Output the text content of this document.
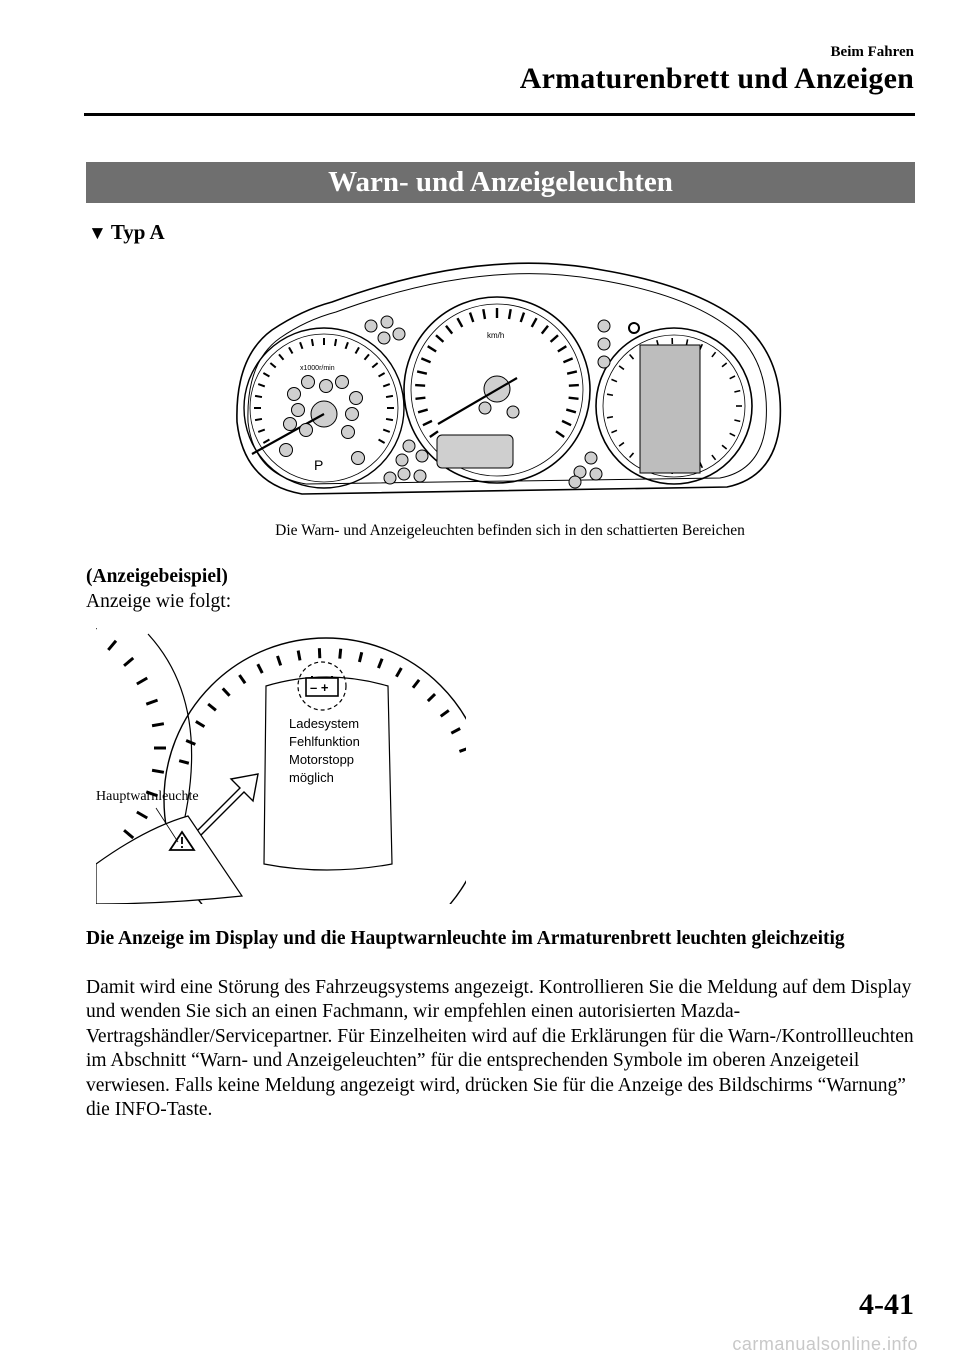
Beim Fahren
Armaturenbrett und Anzeigen
Warn- und Anzeigeleuchten
▼ Typ A
x1000r/min
P
km/h
Die Warn- und Anzeigeleuchten befinden sich in den schattierten Bereichen
(Anzeigebeispiel)
Anzeige wie folgt:
– +
Hauptwarnleuchte
Ladesystem
Fehlfunktion
Motorstopp
möglich
Die Anzeige im Display und die Hauptwarnleuchte im Armaturenbrett leuchten gleichzeitig
Damit wird eine Störung des Fahrzeugsystems angezeigt. Kontrollieren Sie die Meldung auf dem Display und wenden Sie sich an einen Fachmann, wir empfehlen einen autorisierten Mazda-Vertragshändler/Servicepartner. Für Einzelheiten wird auf die Erklärungen für die Warn-/Kontrollleuchten im Abschnitt “Warn- und Anzeigeleuchten” für die entsprechenden Symbole im oberen Anzeigeteil verwiesen. Falls keine Meldung angezeigt wird, drücken Sie für die Anzeige des Bildschirms “Warnung” die INFO-Taste.
4-41
carmanualsonline.info
